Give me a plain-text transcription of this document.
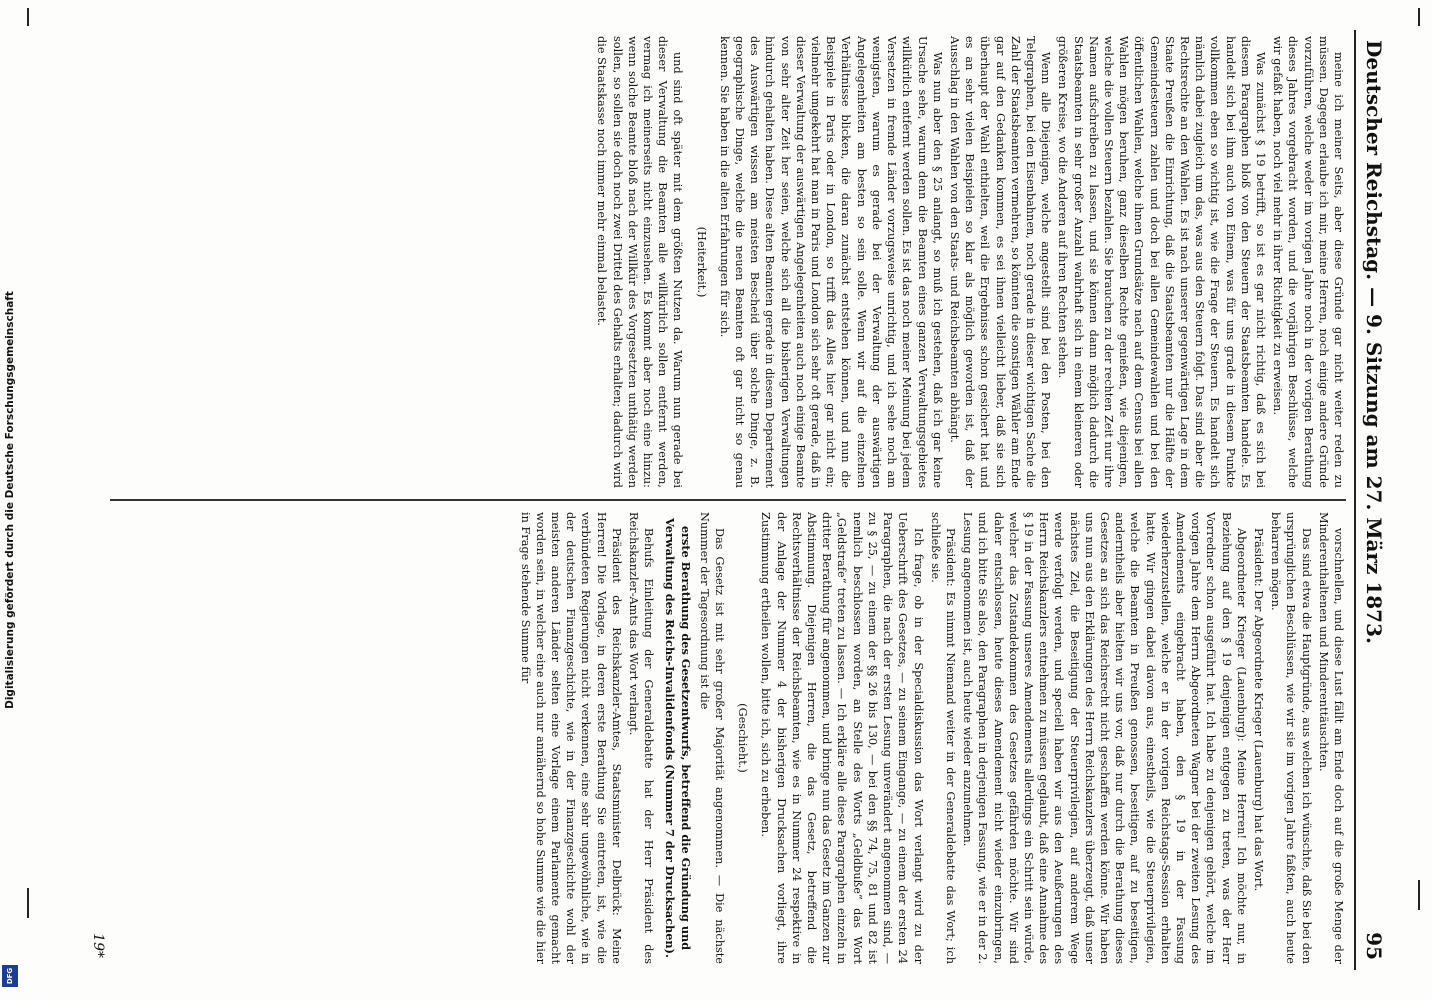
Digitalisierung gefördert durch die Deutsche Forschungsgemeinschaft
DFG
Deutscher Reichstag. — 9. Sitzung am 27. März 1873.
95

meine ich meiner Seits, aber diese Gründe gar nicht weiter reden zu müssen. Dagegen erlaube ich mir, meine Herren, noch einige andere Gründe vorzuführen, welche weder im vorigen Jahre noch in der vorigen Berathung dieses Jahres vorgebracht worden, und die vorjährigen Beschlüsse, welche wir gefaßt haben, noch viel mehr in ihrer Richtigkeit zu erweisen.

Was zunächst § 19 betrifft, so ist es gar nicht richtig, daß es sich bei diesem Paragraphen bloß von den Steuern der Staatsbeamten handele. Es handelt sich bei ihm auch von Einem, was für uns grade in diesem Punkte vollkommen eben so wichtig ist, wie die Frage der Steuern. Es handelt sich nämlich dabei zugleich um das, was aus den Steuern folgt. Das sind aber die Rechtsrechte an den Wahlen. Es ist nach unserer gegenwärtigen Lage in dem Staate Preußen die Einrichtung, daß die Staatsbeamten nur die Hälfte der Gemeindesteuern zahlen und doch bei allen Gemeindewahlen und bei den öffentlichen Wahlen, welche ihnen Grundsätze nach auf dem Census bei allen Wahlen mögen beruhen, ganz dieselben Rechte genießen, wie diejenigen, welche die vollen Steuern bezahlen. Sie brauchen zu der rechten Zeit nur ihre Namen aufschreiben zu lassen, und sie können dann möglich dadurch die Staatsbeamten in sehr großer Anzahl wahrhaft sich in einem kleineren oder größeren Kreise, wo die Anderen auf ihren Rechten stehen.

Wenn alle Diejenigen, welche angestellt sind bei den Posten, bei den Telegraphen, bei den Eisenbahnen, noch gerade in dieser wichtigen Sache die Zahl der Staatsbeamten vermehren, so könnten die sonstigen Wähler am Ende gar auf den Gedanken kommen, es sei ihnen vielleicht lieber, daß sie sich überhaupt der Wahl enthielten, weil die Ergebnisse schon gesichert hat und es an sehr vielen Beispielen so klar als möglich geworden ist, daß der Ausschlag in den Wahlen von den Staats- und Reichsbeamten abhängt.

Was nun aber den § 25 anlangt, so muß ich gestehen, daß ich gar keine Ursache sehe, warum denn die Beamten eines ganzen Verwaltungsgebietes willkürlich entfernt werden sollen. Es ist das noch meiner Meinung bei jedem Versetzen in fremde Länder vorzugsweise unrichtig, und ich sehe noch am wenigsten, warum es gerade bei der Verwaltung der auswärtigen Angelegenheiten am besten so sein solle. Wenn wir auf die einzelnen Verhältnisse blicken, die daran zunächst entstehen können, und nun die Beispiele in Paris oder in London, so trifft das Alles hier gar nicht ein; vielmehr umgekehrt hat man in Paris und London sich sehr oft gerade, daß in dieser Verwaltung der auswärtigen Angelegenheiten auch noch einige Beamte von sehr alter Zeit her seien, welche sich all die bisherigen Verwaltungen hindurch gehalten haben. Diese alten Beamten gerade in diesem Departement des Auswärtigen wissen am meisten Bescheid über solche Dinge, z. B. geographische Dinge, welche die neuen Beamten oft gar nicht so genau kennen. Sie haben in die alten Erfahrungen für sich.

(Heiterkeit.)

und sind oft später mit dem größten Nutzen da. Warum nun gerade bei dieser Verwaltung die Beamten alle willkürlich sollen entfernt werden, vermag ich meinerseits nicht einzusehen. Es kommt aber noch eine hinzu: wenn solche Beamte bloß nach der Willkür des Vorgesetzten unthätig werden sollen, so sollen sie doch noch zwei Drittel des Gehalts erhalten; dadurch wird die Staatskasse noch immer mehr einmal belastet.

vorschnellen, und diese Lust fällt am Ende doch auf die große Menge der Minderenthaltenen und Minderenttäuschten.

Das sind etwa die Hauptgründe, aus welchen ich wünschte, daß Sie bei den ursprünglichen Beschlüssen, wie wir sie im vorigen Jahre faßten, auch heute beharren mögen.

Präsident: Der Abgeordnete Krieger (Lauenburg) hat das Wort.

Abgeordneter Krieger (Lauenburg): Meine Herren! Ich möchte nur, in Beziehung auf den § 19 denjenigen entgegen zu treten, was der Herr Vorredner schon ausgeführt hat. Ich habe zu denjenigen gehört, welche im vorigen Jahre dem Herrn Abgeordneten Wagner bei der zweiten Lesung des Amendements eingebracht haben, den § 19 in der Fassung wiederherzustellen, welche er in der vorigen Reichstags-Session erhalten hatte. Wir gingen dabei davon aus, einestheils, wie die Steuerprivilegien, welche die Beamten in Preußen genossen, beseitigen, auf zu beseitigen, anderntheils aber hielten wir uns vor, daß nur durch die Berathung dieses Gesetzes an sich das Reichsrecht nicht geschaffen werden könne. Wir haben uns nun aus den Erklärungen des Herrn Reichskanzlers überzeugt, daß unser nächstes Ziel, die Beseitigung der Steuerprivilegien, auf anderem Wege werde verfolgt werden, und speciell haben wir aus den Aeußerungen des Herrn Reichskanzlers entnehmen zu müssen geglaubt, daß eine Annahme des § 19 in der Fassung unseres Amendements allerdings ein Schritt sein würde, welcher das Zustandekommen des Gesetzes gefährden möchte. Wir sind daher entschlossen, heute dieses Amendement nicht wieder einzubringen, und ich bitte Sie also, den Paragraphen in derjenigen Fassung, wie er in der 2. Lesung angenommen ist, auch heute wieder anzunehmen.

Präsident: Es nimmt Niemand weiter in der Generaldebatte das Wort; ich schließe sie.

Ich frage, ob in der Specialdiskussion das Wort verlangt wird zu der Ueberschrift des Gesetzes, — zu seinem Eingange, — zu einem der ersten 24 Paragraphen, die nach der ersten Lesung unverändert angenommen sind, — zu § 25, — zu einem der §§ 26 bis 130, — bei den §§ 74, 75, 81 und 82 ist nemlich beschlossen worden, an Stelle des Worts „Geldbuße“ das Wort „Geldstrafe“ treten zu lassen. — Ich erkläre alle diese Paragraphen einzeln in dritter Berathung für angenommen, und bringe nun das Gesetz im Ganzen zur Abstimmung. Diejenigen Herren, die das Gesetz, betreffend die Rechtsverhältnisse der Reichsbeamten, wie es in Nummer 24 respektive in der Anlage der Nummer 4 der bisherigen Drucksachen vorliegt, ihre Zustimmung ertheilen wollen, bitte ich, sich zu erheben.

(Geschieht.)

Das Gesetz ist mit sehr großer Majorität angenommen. — Die nächste Nummer der Tagesordnung ist die

erste Berathung des Gesetzentwurfs, betreffend die Gründung und Verwaltung des Reichs-Invalidenfonds (Nummer 7 der Drucksachen).

Behufs Einleitung der Generaldebatte hat der Herr Präsident des Reichskanzler-Amts das Wort verlangt.

Präsident des Reichskanzler-Amtes, Staatsminister Delbrück: Meine Herren! Die Vorlage, in deren erste Berathung Sie eintreten, ist, wie die verbündeten Regierungen nicht verkennen, eine sehr ungewöhnliche, wie in der deutschen Finanzgeschichte, wie in der Finanzgeschichte wohl der meisten anderen Länder selten eine Vorlage einem Parlamente gemacht worden sein, in welcher eine auch nur annähernd so hohe Summe wie die hier in Frage stehende Summe für

19*
